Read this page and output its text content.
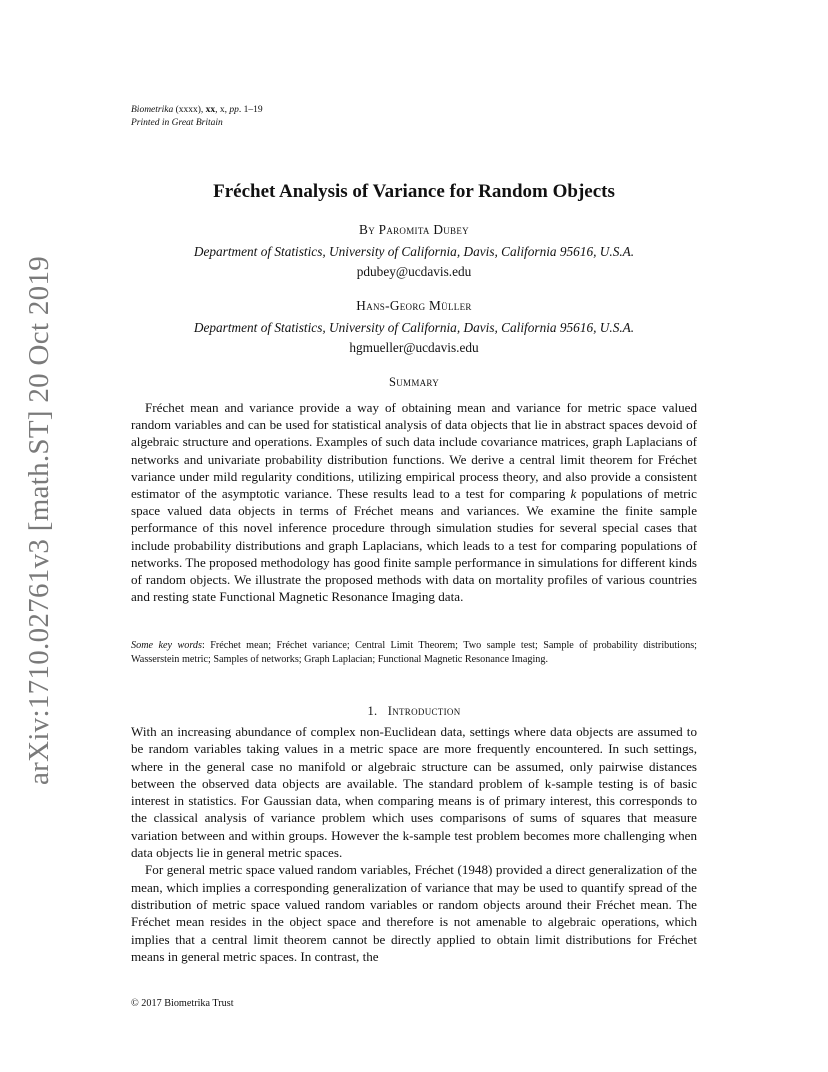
arXiv:1710.02761v3 [math.ST] 20 Oct 2019
Biometrika (xxxx), xx, x, pp. 1–19
Printed in Great Britain
Fréchet Analysis of Variance for Random Objects
By Paromita Dubey
Department of Statistics, University of California, Davis, California 95616, U.S.A.
pdubey@ucdavis.edu
Hans-Georg Müller
Department of Statistics, University of California, Davis, California 95616, U.S.A.
hgmueller@ucdavis.edu
Summary

Fréchet mean and variance provide a way of obtaining mean and variance for metric space valued random variables and can be used for statistical analysis of data objects that lie in abstract spaces devoid of algebraic structure and operations. Examples of such data include covariance matrices, graph Laplacians of networks and univariate probability distribution functions. We derive a central limit theorem for Fréchet variance under mild regularity conditions, utilizing empirical process theory, and also provide a consistent estimator of the asymptotic variance. These results lead to a test for comparing k populations of metric space valued data objects in terms of Fréchet means and variances. We examine the finite sample performance of this novel inference procedure through simulation studies for several special cases that include probability distributions and graph Laplacians, which leads to a test for comparing populations of networks. The proposed methodology has good finite sample performance in simulations for different kinds of random objects. We illustrate the proposed methods with data on mortality profiles of various countries and resting state Functional Magnetic Resonance Imaging data.

Some key words: Fréchet mean; Fréchet variance; Central Limit Theorem; Two sample test; Sample of probability distributions; Wasserstein metric; Samples of networks; Graph Laplacian; Functional Magnetic Resonance Imaging.

1.   Introduction

With an increasing abundance of complex non-Euclidean data, settings where data objects are assumed to be random variables taking values in a metric space are more frequently encountered. In such settings, where in the general case no manifold or algebraic structure can be assumed, only pairwise distances between the observed data objects are available. The standard problem of k-sample testing is of basic interest in statistics. For Gaussian data, when comparing means is of primary interest, this corresponds to the classical analysis of variance problem which uses comparisons of sums of squares that measure variation between and within groups. However the k-sample test problem becomes more challenging when data objects lie in general metric spaces.

For general metric space valued random variables, Fréchet (1948) provided a direct generalization of the mean, which implies a corresponding generalization of variance that may be used to quantify spread of the distribution of metric space valued random variables or random objects around their Fréchet mean. The Fréchet mean resides in the object space and therefore is not amenable to algebraic operations, which implies that a central limit theorem cannot be directly applied to obtain limit distributions for Fréchet means in general metric spaces. In contrast, the

© 2017 Biometrika Trust
